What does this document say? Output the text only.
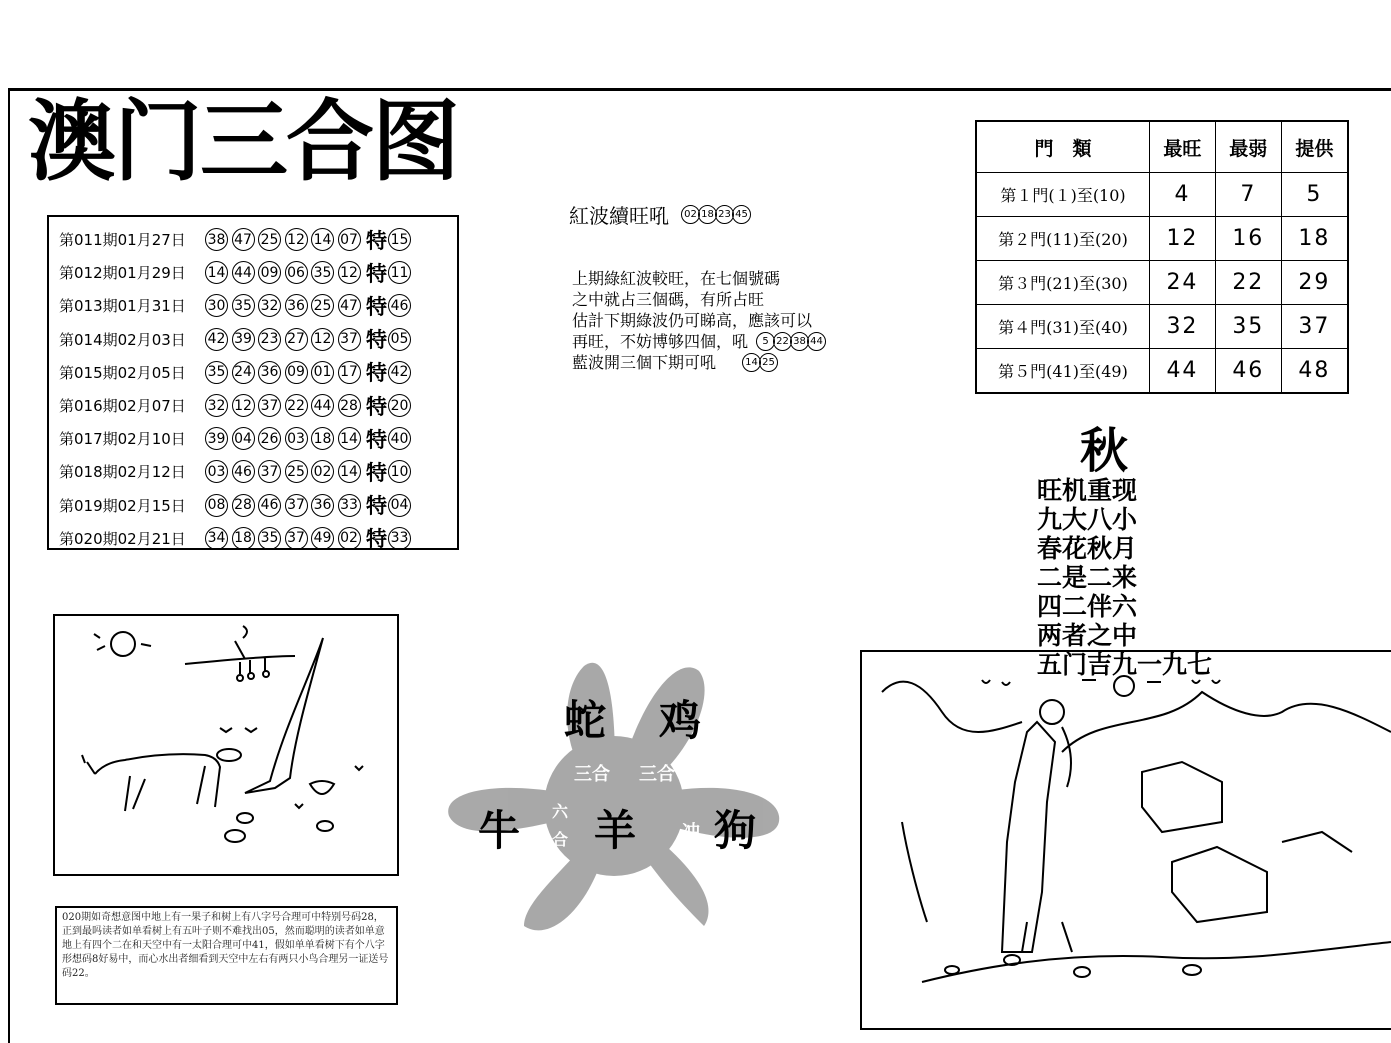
澳门三合图
第011期01月27日	38 47 25 12 14 07 特 15
第012期01月29日	14 44 09 06 35 12 特 11
第013期01月31日	30 35 32 36 25 47 特 46
第014期02月03日	42 39 23 27 12 37 特 05
第015期02月05日	35 24 36 09 01 17 特 42
第016期02月07日	32 12 37 22 44 28 特 20
第017期02月10日	39 04 26 03 18 14 特 40
第018期02月12日	03 46 37 25 02 14 特 10
第019期02月15日	08 28 46 37 36 33 特 04
第020期02月21日	34 18 35 37 49 02 特 33
紅波續旺吼	02 18 23 45
上期綠紅波較旺，在七個號碼
之中就占三個碼，有所占旺
估計下期綠波仍可睇高，應該可以
再旺，不妨博够四個，吼	5 22 38 44
藍波開三個下期可吼	14 25
門　類	最旺	最弱	提供
第１門(１)至(10)	4	7	5
第２門(11)至(20)	12	16	18
第３門(21)至(30)	24	22	29
第４門(31)至(40)	32	35	37
第５門(41)至(49)	44	46	48
秋
旺机重现
九大八小
春花秋月
二是二来
四二伴六
两者之中
五门吉九一九七
020期如奇想意图中地上有一果子和树上有八字号合理可中特别号码28，正到最吗读者如单看树上有五叶子则不难找出05，然而聪明的读者如单意地上有四个二在和天空中有一太阳合理可中41，假如单单看树下有个八字形想码8好易中，而心水出者细看到天空中左右有两只小鸟合理另一证送号码22。
蛇 鸡
牛 羊 狗
三合 三合
六合	冲
